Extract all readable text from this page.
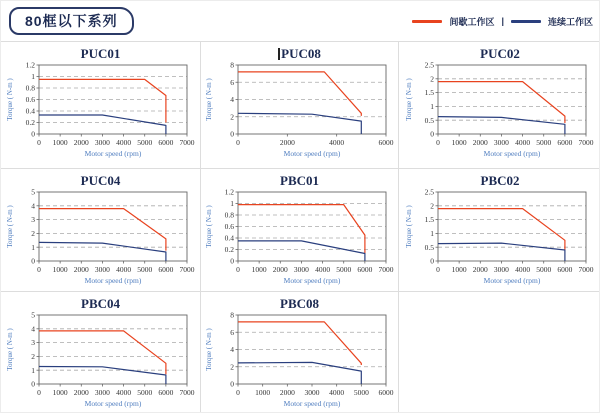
80框以下系列	间歇工作区 |	连续工作区
PUC01
0
0.2
0.4
0.6
0.8
1
1.2
0 1000 2000 3000 4000 5000 6000 7000
Motor speed (rpm)
Torque ( N-m )
PUC08
0
2
4
6
8
0	2000	4000	6000
Motor speed (rpm)
Torque ( N-m )
PUC02
0
0.5
1
1.5
2
2.5
0 1000 2000 3000 4000 5000 6000 7000
Motor speed (rpm)
Torque ( N-m )
PUC04
0
1
2
3
4
5
0 1000 2000 3000 4000 5000 6000 7000
Motor speed (rpm)
Torque ( N-m )
PBC01
0
0.2
0.4
0.6
0.8
1
1.2
0 1000 2000 3000 4000 5000 6000 7000
Motor speed (rpm)
Torque ( N-m )
PBC02
0
0.5
1
1.5
2
2.5
0 1000 2000 3000 4000 5000 6000 7000
Motor speed (rpm)
Torque ( N-m )
PBC04
0
1
2
3
4
5
0 1000 2000 3000 4000 5000 6000 7000
Motor speed (rpm)
Torque ( N-m )
PBC08
0
2
4
6
8
0 1000 2000 3000 4000 5000 6000
Motor speed (rpm)
Torque ( N-m )
